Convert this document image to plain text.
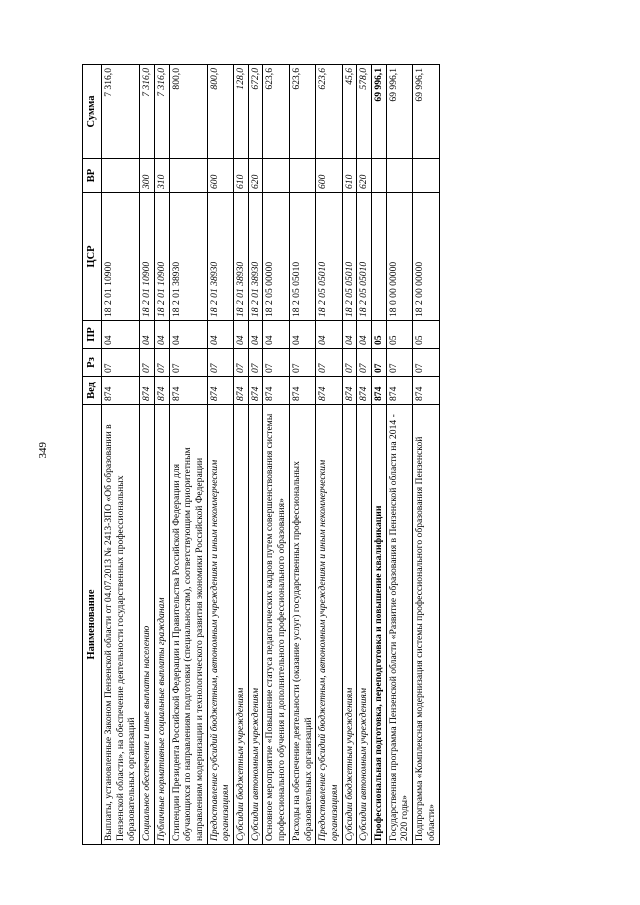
349
Наименование	Вед	Рз	ПР	ЦСР	ВР	Сумма
Выплаты, установленные Законом Пензенской области от 04.07.2013 № 2413-ЗПО «Об образовании в Пензенской области», на обеспечение деятельности государственных профессиональных образовательных организаций	874	07	04	18 2 01 10900		7 316,0
Социальное обеспечение и иные выплаты населению	874	07	04	18 2 01 10900	300	7 316,0
Публичные нормативные социальные выплаты гражданам	874	07	04	18 2 01 10900	310	7 316,0
Стипендии Президента Российской Федерации и Правительства Российской Федерации для обучающихся по направлениям подготовки (специальностям), соответствующим приоритетным направлениям модернизации и технологического развития экономики Российской Федерации	874	07	04	18 2 01 38930		800,0
Предоставление субсидий бюджетным, автономным учреждениям и иным некоммерческим организациям	874	07	04	18 2 01 38930	600	800,0
Субсидии бюджетным учреждениям	874	07	04	18 2 01 38930	610	128,0
Субсидии автономным учреждениям	874	07	04	18 2 01 38930	620	672,0
Основное мероприятие «Повышение статуса педагогических кадров путем совершенствования системы профессионального обучения и дополнительного профессионального образования»	874	07	04	18 2 05 00000		623,6
Расходы на обеспечение деятельности (оказание услуг) государственных профессиональных образовательных организаций	874	07	04	18 2 05 05010		623,6
Предоставление субсидий бюджетным, автономным учреждениям и иным некоммерческим организациям	874	07	04	18 2 05 05010	600	623,6
Субсидии бюджетным учреждениям	874	07	04	18 2 05 05010	610	45,6
Субсидии автономным учреждениям	874	07	04	18 2 05 05010	620	578,0
Профессиональная подготовка, переподготовка и повышение квалификации	874	07	05			69 996,1
Государственная программа Пензенской области «Развитие образования в Пензенской области на 2014 - 2020 годы»	874	07	05	18 0 00 00000		69 996,1
Подпрограмма «Комплексная модернизация системы профессионального образования Пензенской области»	874	07	05	18 2 00 00000		69 996,1
